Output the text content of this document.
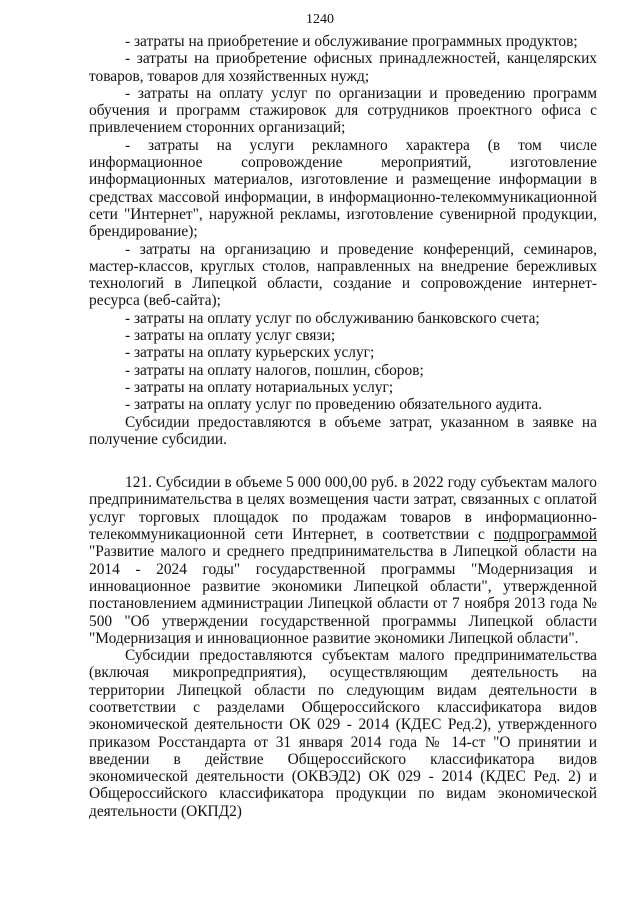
1240

- затраты на приобретение и обслуживание программных продуктов;

- затраты на приобретение офисных принадлежностей, канцелярских товаров, товаров для хозяйственных нужд;

- затраты на оплату услуг по организации и проведению программ обучения и программ стажировок для сотрудников проектного офиса с привлечением сторонних организаций;

- затраты на услуги рекламного характера (в том числе информационное сопровождение мероприятий, изготовление информационных материалов, изготовление и размещение информации в средствах массовой информации, в информационно-телекоммуникационной сети "Интернет", наружной рекламы, изготовление сувенирной продукции, брендирование);

- затраты на организацию и проведение конференций, семинаров, мастер-классов, круглых столов, направленных на внедрение бережливых технологий в Липецкой области, создание и сопровождение интернет-ресурса (веб-сайта);

- затраты на оплату услуг по обслуживанию банковского счета;

- затраты на оплату услуг связи;

- затраты на оплату курьерских услуг;

- затраты на оплату налогов, пошлин, сборов;

- затраты на оплату нотариальных услуг;

- затраты на оплату услуг по проведению обязательного аудита.

Субсидии предоставляются в объеме затрат, указанном в заявке на получение субсидии.

121. Субсидии в объеме 5 000 000,00 руб. в 2022 году субъектам малого предпринимательства в целях возмещения части затрат, связанных с оплатой услуг торговых площадок по продажам товаров в информационно-телекоммуникационной сети Интернет, в соответствии с подпрограммой "Развитие малого и среднего предпринимательства в Липецкой области на 2014 - 2024 годы" государственной программы "Модернизация и инновационное развитие экономики Липецкой области", утвержденной постановлением администрации Липецкой области от 7 ноября 2013 года № 500 "Об утверждении государственной программы Липецкой области "Модернизация и инновационное развитие экономики Липецкой области".

Субсидии предоставляются субъектам малого предпринимательства (включая микропредприятия), осуществляющим деятельность на территории Липецкой области по следующим видам деятельности в соответствии с разделами Общероссийского классификатора видов экономической деятельности ОК 029 - 2014 (КДЕС Ред.2), утвержденного приказом Росстандарта от 31 января 2014 года № 14-ст "О принятии и введении в действие Общероссийского классификатора видов экономической деятельности (ОКВЭД2) ОК 029 - 2014 (КДЕС Ред. 2) и Общероссийского классификатора продукции по видам экономической деятельности (ОКПД2)
